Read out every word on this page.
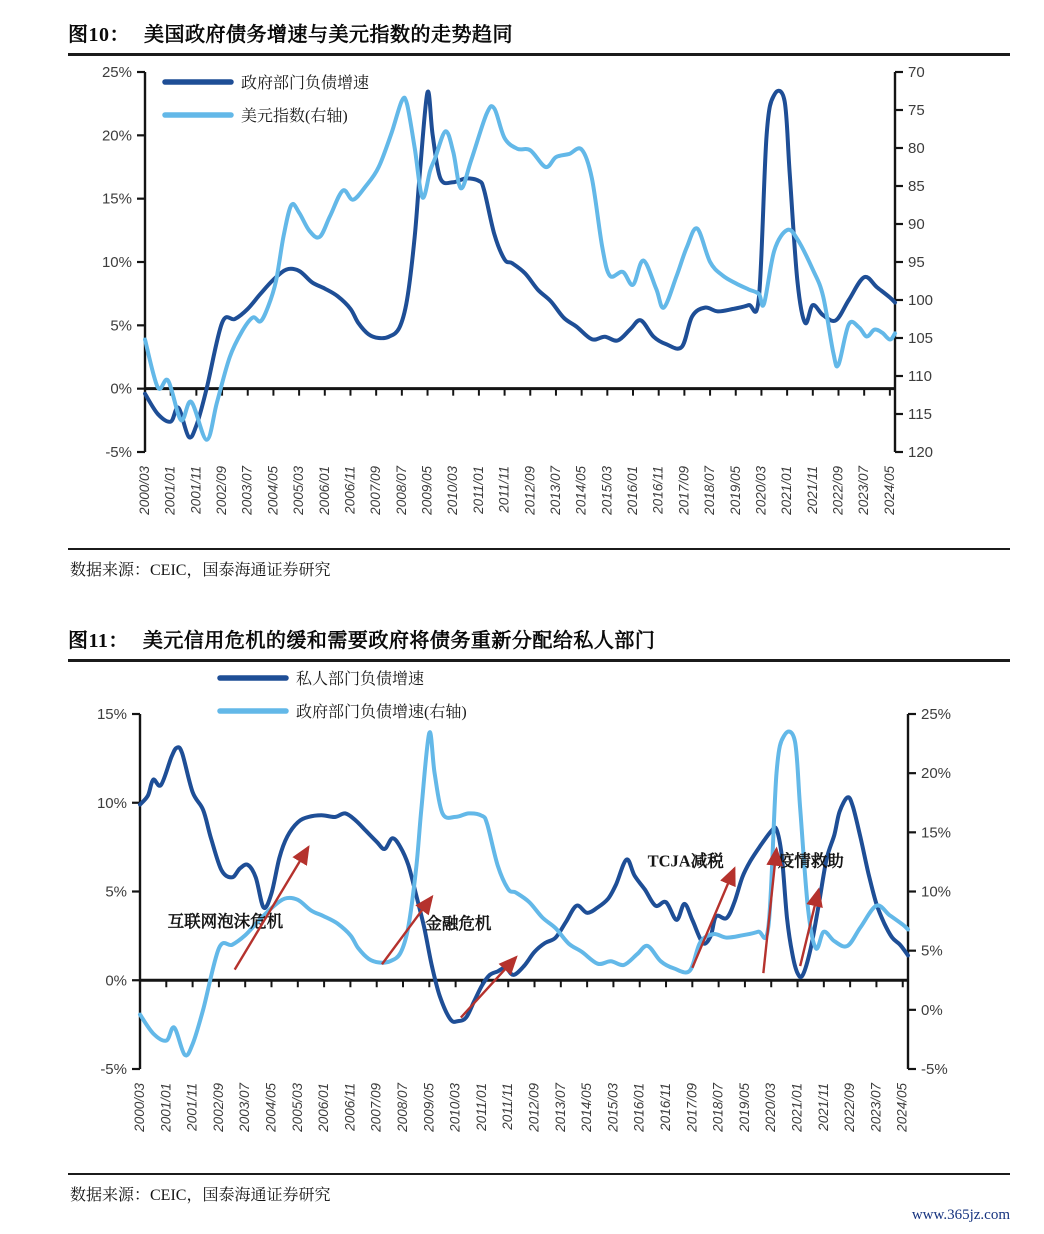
图10： 美国政府债务增速与美元指数的走势趋同
25%
20%
15%
10%
5%
0%
-5%
70
75
80
85
90
95
100
105
110
115
120
2000/03 2001/01 2001/11 2002/09 2003/07 2004/05 2005/03 2006/01 2006/11 2007/09 2008/07 2009/05 2010/03 2011/01 2011/11 2012/09 2013/07 2014/05 2015/03 2016/01 2016/11 2017/09 2018/07 2019/05 2020/03 2021/01 2021/11 2022/09 2023/07 2024/05
政府部门负债增速
美元指数(右轴)
数据来源：CEIC，国泰海通证券研究
图11： 美元信用危机的缓和需要政府将债务重新分配给私人部门
15%
10%
5%
0%
-5%
25%
20%
15%
10%
5%
0%
-5%
2000/03 2001/01 2001/11 2002/09 2003/07 2004/05 2005/03 2006/01 2006/11 2007/09 2008/07 2009/05 2010/03 2011/01 2011/11 2012/09 2013/07 2014/05 2015/03 2016/01 2016/11 2017/09 2018/07 2019/05 2020/03 2021/01 2021/11 2022/09 2023/07 2024/05
私人部门负债增速
政府部门负债增速(右轴)
互联网泡沫危机	金融危机
TCJA减税	疫情救助
数据来源：CEIC，国泰海通证券研究
www.365jz.com
